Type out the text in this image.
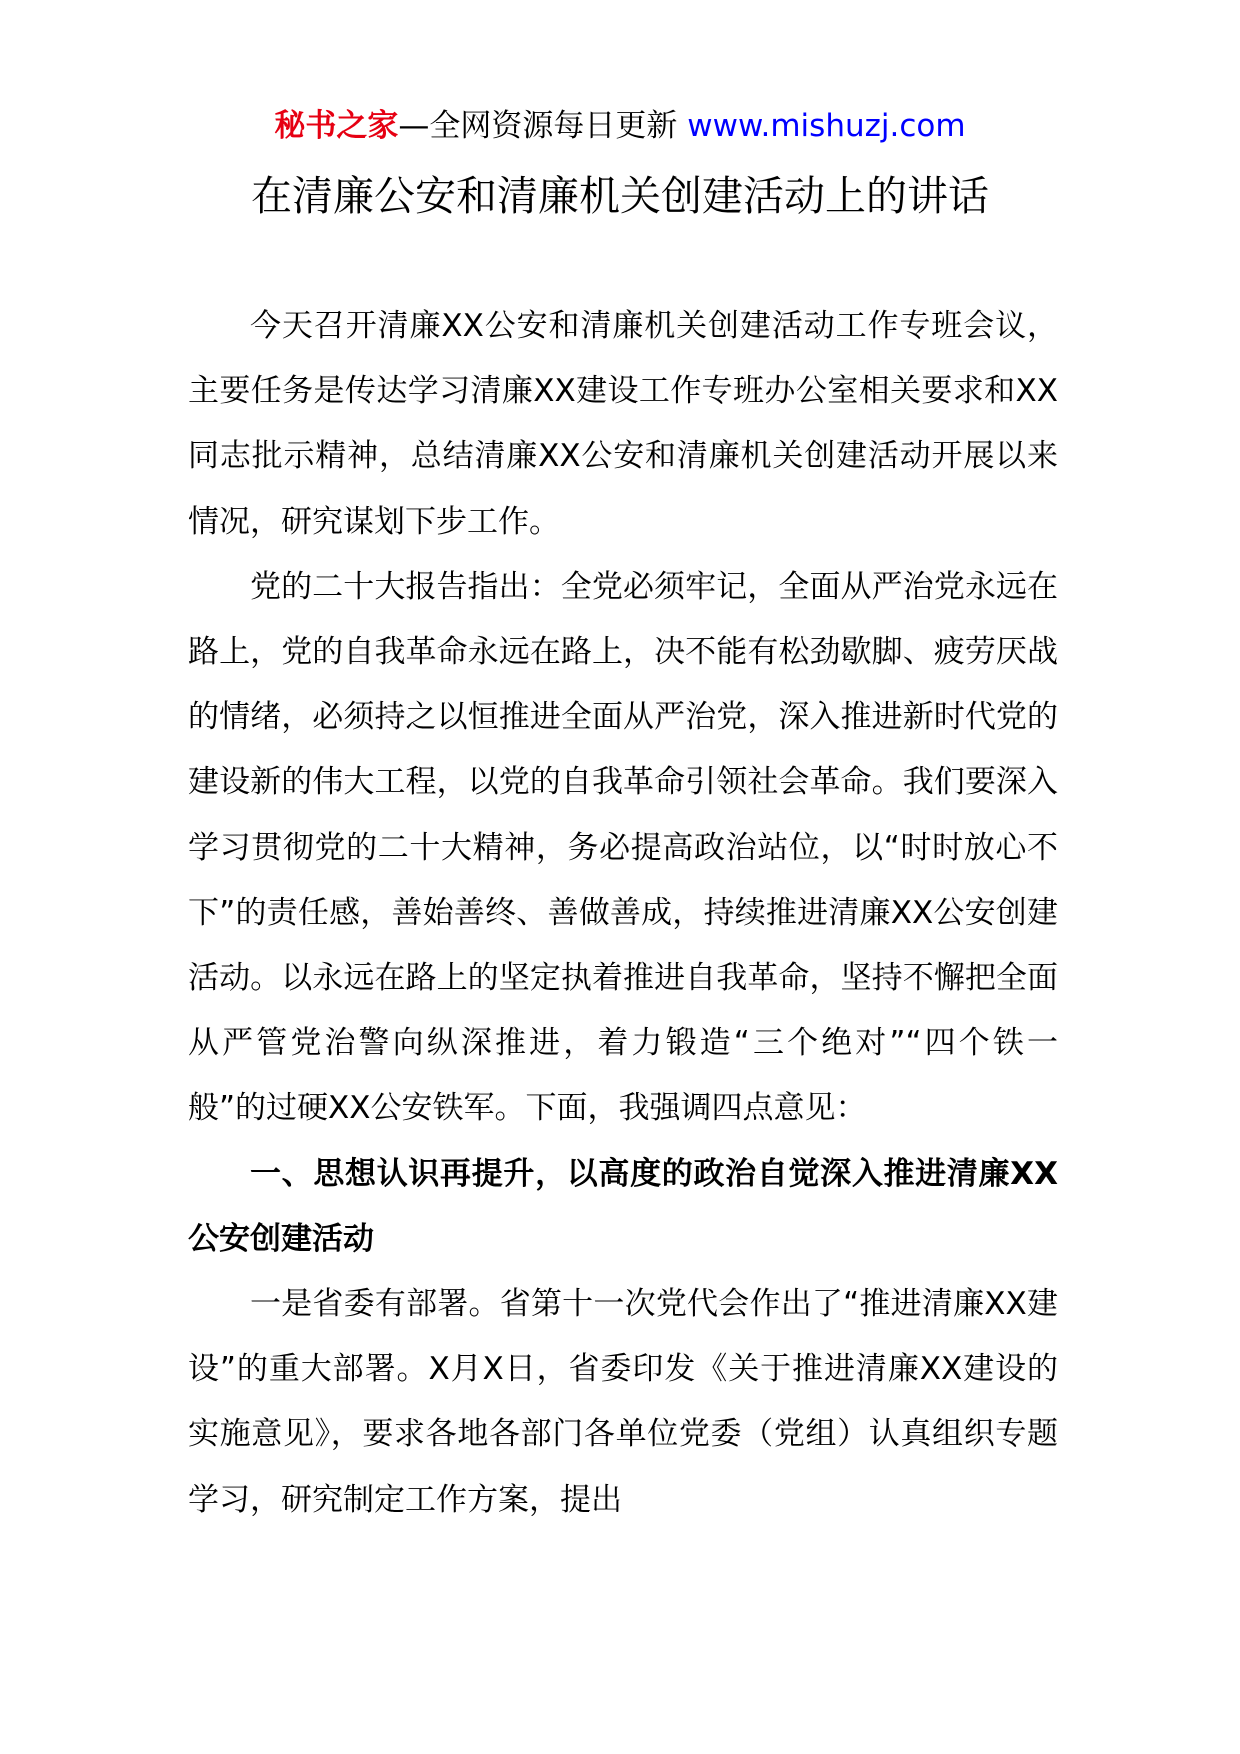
秘书之家—全网资源每日更新 www.mishuzj.com
在清廉公安和清廉机关创建活动上的讲话

今天召开清廉XX公安和清廉机关创建活动工作专班会议，主要任务是传达学习清廉XX建设工作专班办公室相关要求和XX同志批示精神，总结清廉XX公安和清廉机关创建活动开展以来情况，研究谋划下步工作。

党的二十大报告指出：全党必须牢记，全面从严治党永远在路上，党的自我革命永远在路上，决不能有松劲歇脚、疲劳厌战的情绪，必须持之以恒推进全面从严治党，深入推进新时代党的建设新的伟大工程，以党的自我革命引领社会革命。我们要深入学习贯彻党的二十大精神，务必提高政治站位，以“时时放心不下”的责任感，善始善终、善做善成，持续推进清廉XX公安创建活动。以永远在路上的坚定执着推进自我革命，坚持不懈把全面从严管党治警向纵深推进，着力锻造“三个绝对”“四个铁一般”的过硬XX公安铁军。下面，我强调四点意见：

一、思想认识再提升，以高度的政治自觉深入推进清廉XX公安创建活动

一是省委有部署。省第十一次党代会作出了“推进清廉XX建设”的重大部署。X月X日，省委印发《关于推进清廉XX建设的实施意见》，要求各地各部门各单位党委（党组）认真组织专题学习，研究制定工作方案，提出
